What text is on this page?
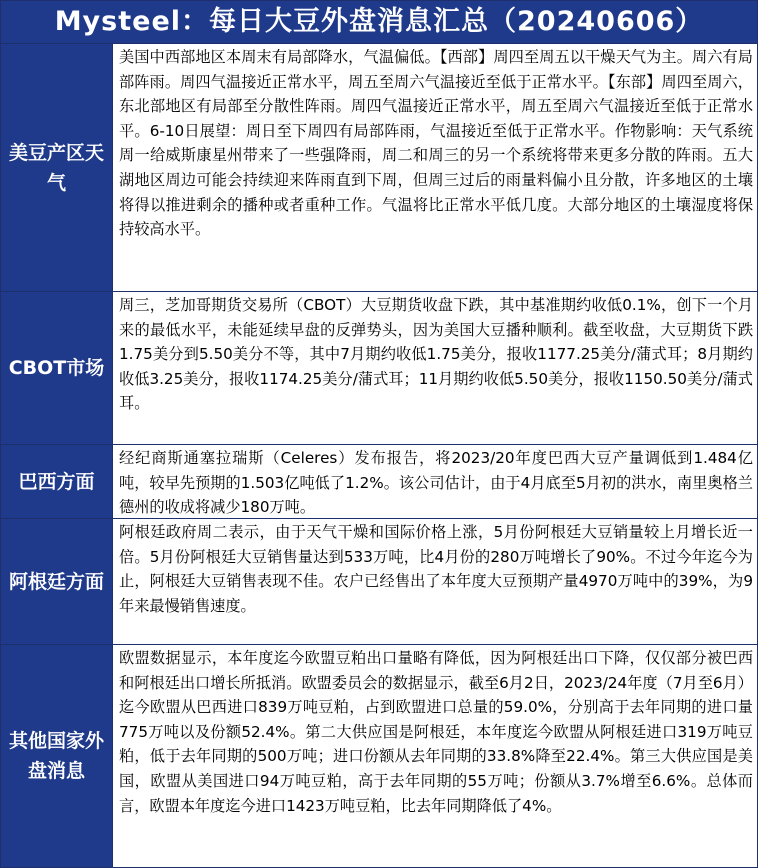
Mysteel：每日大豆外盘消息汇总（20240606）
美豆产区天气
美国中西部地区本周末有局部降水，气温偏低。【西部】周四至周五以干燥天气为主。周六有局部阵雨。周四气温接近正常水平，周五至周六气温接近至低于正常水平。【东部】周四至周六，东北部地区有局部至分散性阵雨。周四气温接近正常水平，周五至周六气温接近至低于正常水平。6-10日展望：周日至下周四有局部阵雨，气温接近至低于正常水平。作物影响：天气系统周一给威斯康星州带来了一些强降雨，周二和周三的另一个系统将带来更多分散的阵雨。五大湖地区周边可能会持续迎来阵雨直到下周，但周三过后的雨量料偏小且分散，许多地区的土壤将得以推进剩余的播种或者重种工作。气温将比正常水平低几度。大部分地区的土壤湿度将保持较高水平。
CBOT市场
周三，芝加哥期货交易所（CBOT）大豆期货收盘下跌，其中基准期约收低0.1%，创下一个月来的最低水平，未能延续早盘的反弹势头，因为美国大豆播种顺利。截至收盘，大豆期货下跌1.75美分到5.50美分不等，其中7月期约收低1.75美分，报收1177.25美分/蒲式耳；8月期约收低3.25美分，报收1174.25美分/蒲式耳；11月期约收低5.50美分，报收1150.50美分/蒲式耳。
巴西方面
经纪商斯通塞拉瑞斯（Celeres）发布报告，将2023/20年度巴西大豆产量调低到1.484亿吨，较早先预期的1.503亿吨低了1.2%。该公司估计，由于4月底至5月初的洪水，南里奥格兰德州的收成将减少180万吨。
阿根廷方面
阿根廷政府周二表示，由于天气干燥和国际价格上涨，5月份阿根廷大豆销量较上月增长近一倍。5月份阿根廷大豆销售量达到533万吨，比4月份的280万吨增长了90%。不过今年迄今为止，阿根廷大豆销售表现不佳。农户已经售出了本年度大豆预期产量4970万吨中的39%，为9年来最慢销售速度。
其他国家外盘消息
欧盟数据显示，本年度迄今欧盟豆粕出口量略有降低，因为阿根廷出口下降，仅仅部分被巴西和阿根廷出口增长所抵消。欧盟委员会的数据显示，截至6月2日，2023/24年度（7月至6月）迄今欧盟从巴西进口839万吨豆粕，占到欧盟进口总量的59.0%，分别高于去年同期的进口量775万吨以及份额52.4%。第二大供应国是阿根廷，本年度迄今欧盟从阿根廷进口319万吨豆粕，低于去年同期的500万吨；进口份额从去年同期的33.8%降至22.4%。第三大供应国是美国，欧盟从美国进口94万吨豆粕，高于去年同期的55万吨；份额从3.7%增至6.6%。总体而言，欧盟本年度迄今进口1423万吨豆粕，比去年同期降低了4%。
